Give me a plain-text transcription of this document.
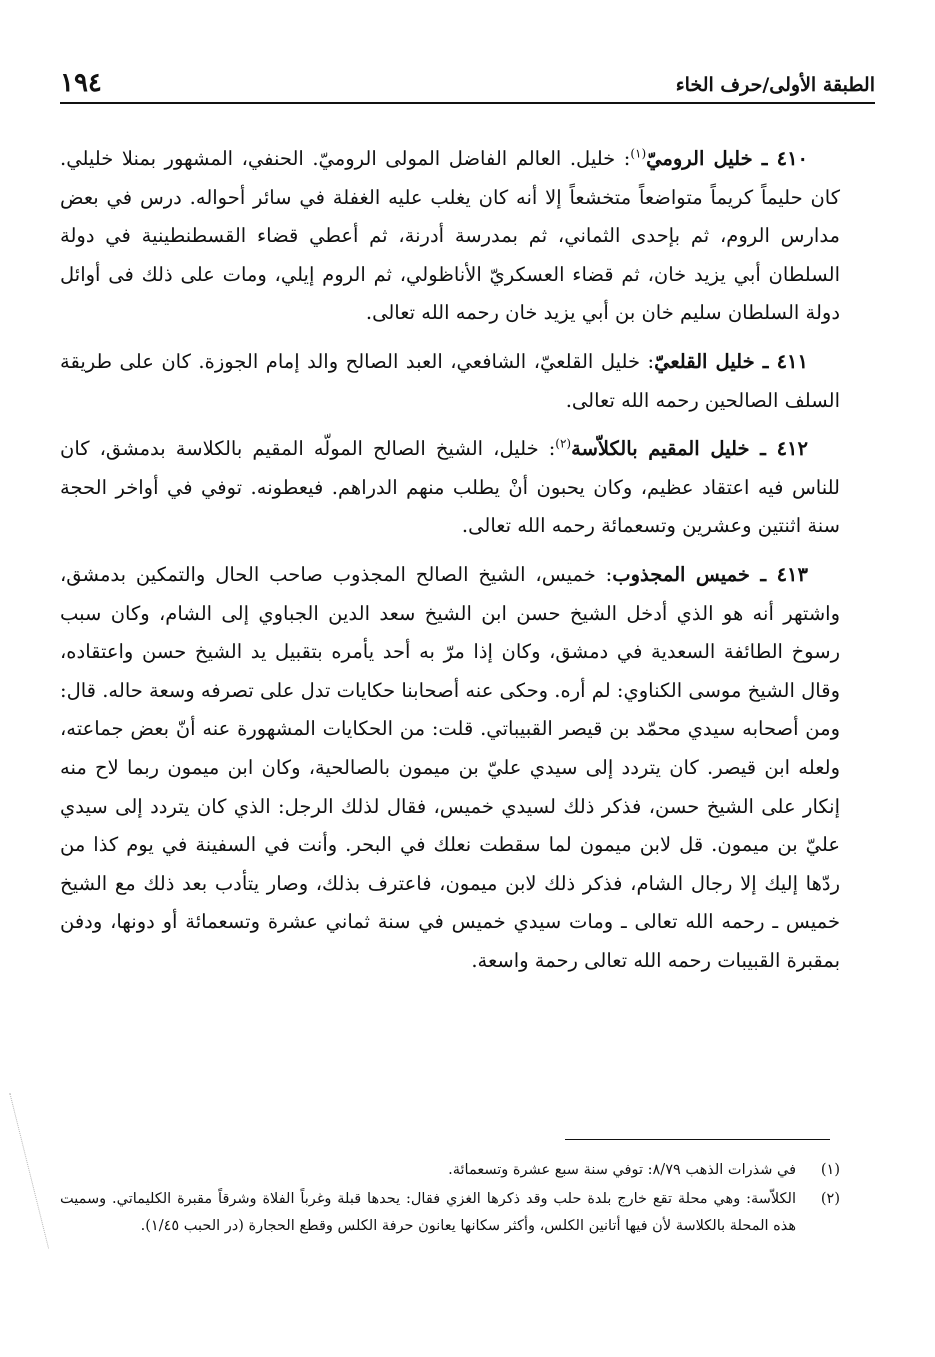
الطبقة الأولى/حرف الخاء
١٩٤

٤١٠ ـ خليل الروميّ$^{(١)}$: خليل. العالم الفاضل المولى الروميّ. الحنفي، المشهور بمنلا خليلي. كان حليماً كريماً متواضعاً متخشعاً إلا أنه كان يغلب عليه الغفلة في سائر أحواله. درس في بعض مدارس الروم، ثم بإحدى الثماني، ثم بمدرسة أدرنة، ثم أعطي قضاء القسطنطينية في دولة السلطان أبي يزيد خان، ثم قضاء العسكريّ الأناظولي، ثم الروم إيلي، ومات على ذلك فى أوائل دولة السلطان سليم خان بن أبي يزيد خان رحمه الله تعالى.

٤١١ ـ خليل القلعيّ: خليل القلعيّ، الشافعي، العبد الصالح والد إمام الجوزة. كان على طريقة السلف الصالحين رحمه الله تعالى.

٤١٢ ـ خليل المقيم بالكلاّسة$^{(٢)}$: خليل، الشيخ الصالح المولّه المقيم بالكلاسة بدمشق، كان للناس فيه اعتقاد عظيم، وكان يحبون أنْ يطلب منهم الدراهم. فيعطونه. توفي في أواخر الحجة سنة اثنتين وعشرين وتسعمائة رحمه الله تعالى.

٤١٣ ـ خميس المجذوب: خميس، الشيخ الصالح المجذوب صاحب الحال والتمكين بدمشق، واشتهر أنه هو الذي أدخل الشيخ حسن ابن الشيخ سعد الدين الجباوي إلى الشام، وكان سبب رسوخ الطائفة السعدية في دمشق، وكان إذا مرّ به أحد يأمره بتقبيل يد الشيخ حسن واعتقاده، وقال الشيخ موسى الكناوي: لم أره. وحكى عنه أصحابنا حكايات تدل على تصرفه وسعة حاله. قال: ومن أصحابه سيدي محمّد بن قيصر القبيباتي. قلت: من الحكايات المشهورة عنه أنّ بعض جماعته، ولعله ابن قيصر. كان يتردد إلى سيدي عليّ بن ميمون بالصالحية، وكان ابن ميمون ربما لاح منه إنكار على الشيخ حسن، فذكر ذلك لسيدي خميس، فقال لذلك الرجل: الذي كان يتردد إلى سيدي عليّ بن ميمون. قل لابن ميمون لما سقطت نعلك في البحر. وأنت في السفينة في يوم كذا من ردّها إليك إلا رجال الشام، فذكر ذلك لابن ميمون، فاعترف بذلك، وصار يتأدب بعد ذلك مع الشيخ خميس ـ رحمه الله تعالى ـ ومات سيدي خميس في سنة ثماني عشرة وتسعمائة أو دونها، ودفن بمقبرة القبيبات رحمه الله تعالى رحمة واسعة.

(١)
في شذرات الذهب ٨/٧٩: توفي سنة سبع عشرة وتسعمائة.
(٢)
الكلاّسة: وهي محلة تقع خارج بلدة حلب وقد ذكرها الغزي فقال: يحدها قبلة وغرباً الفلاة وشرقاً مقبرة الكليماتي. وسميت هذه المحلة بالكلاسة لأن فيها أتانين الكلس، وأكثر سكانها يعانون حرفة الكلس وقطع الحجارة (در الحبب ١/٤٥).
